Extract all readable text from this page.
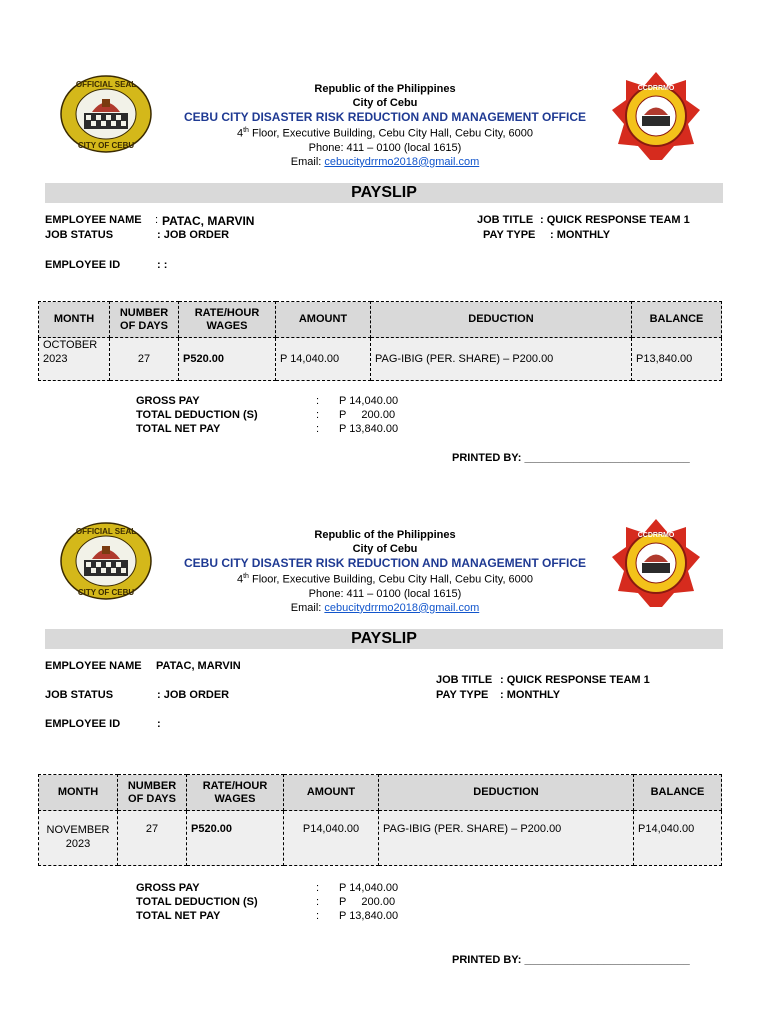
OFFICIAL SEAL
CITY OF CEBU
CCDRRMO
Republic of the Philippines
City of Cebu
CEBU CITY DISASTER RISK REDUCTION AND MANAGEMENT OFFICE
4th Floor, Executive Building, Cebu City Hall, Cebu City, 6000
Phone: 411 – 0100 (local 1615)
Email: cebucitydrrmo2018@gmail.com
PAYSLIP
EMPLOYEE NAME : PATAC, MARVIN
JOB STATUS	: JOB ORDER
EMPLOYEE ID	: :
JOB TITLE : QUICK RESPONSE TEAM 1
PAY TYPE : MONTHLY
MONTH	NUMBER OF DAYS	RATE/HOUR WAGES	AMOUNT	DEDUCTION	BALANCE
OCTOBER 2023	27	P520.00	P 14,040.00	PAG-IBIG (PER. SHARE) – P200.00	P13,840.00
GROSS PAY	: P 14,040.00
TOTAL DEDUCTION (S)	: P     200.00
TOTAL NET PAY	: P 13,840.00
PRINTED BY: ___________________________
OFFICIAL SEAL
CITY OF CEBU
CCDRRMO
Republic of the Philippines
City of Cebu
CEBU CITY DISASTER RISK REDUCTION AND MANAGEMENT OFFICE
4th Floor, Executive Building, Cebu City Hall, Cebu City, 6000
Phone: 411 – 0100 (local 1615)
Email: cebucitydrrmo2018@gmail.com
PAYSLIP
EMPLOYEE NAME PATAC, MARVIN
JOB STATUS	: JOB ORDER
EMPLOYEE ID	:
JOB TITLE : QUICK RESPONSE TEAM 1
PAY TYPE : MONTHLY
MONTH	NUMBER OF DAYS	RATE/HOUR WAGES	AMOUNT	DEDUCTION	BALANCE
NOVEMBER 2023	27	P520.00	P14,040.00	PAG-IBIG (PER. SHARE) – P200.00	P14,040.00
GROSS PAY	: P 14,040.00
TOTAL DEDUCTION (S)	: P     200.00
TOTAL NET PAY	: P 13,840.00
PRINTED BY: ___________________________
